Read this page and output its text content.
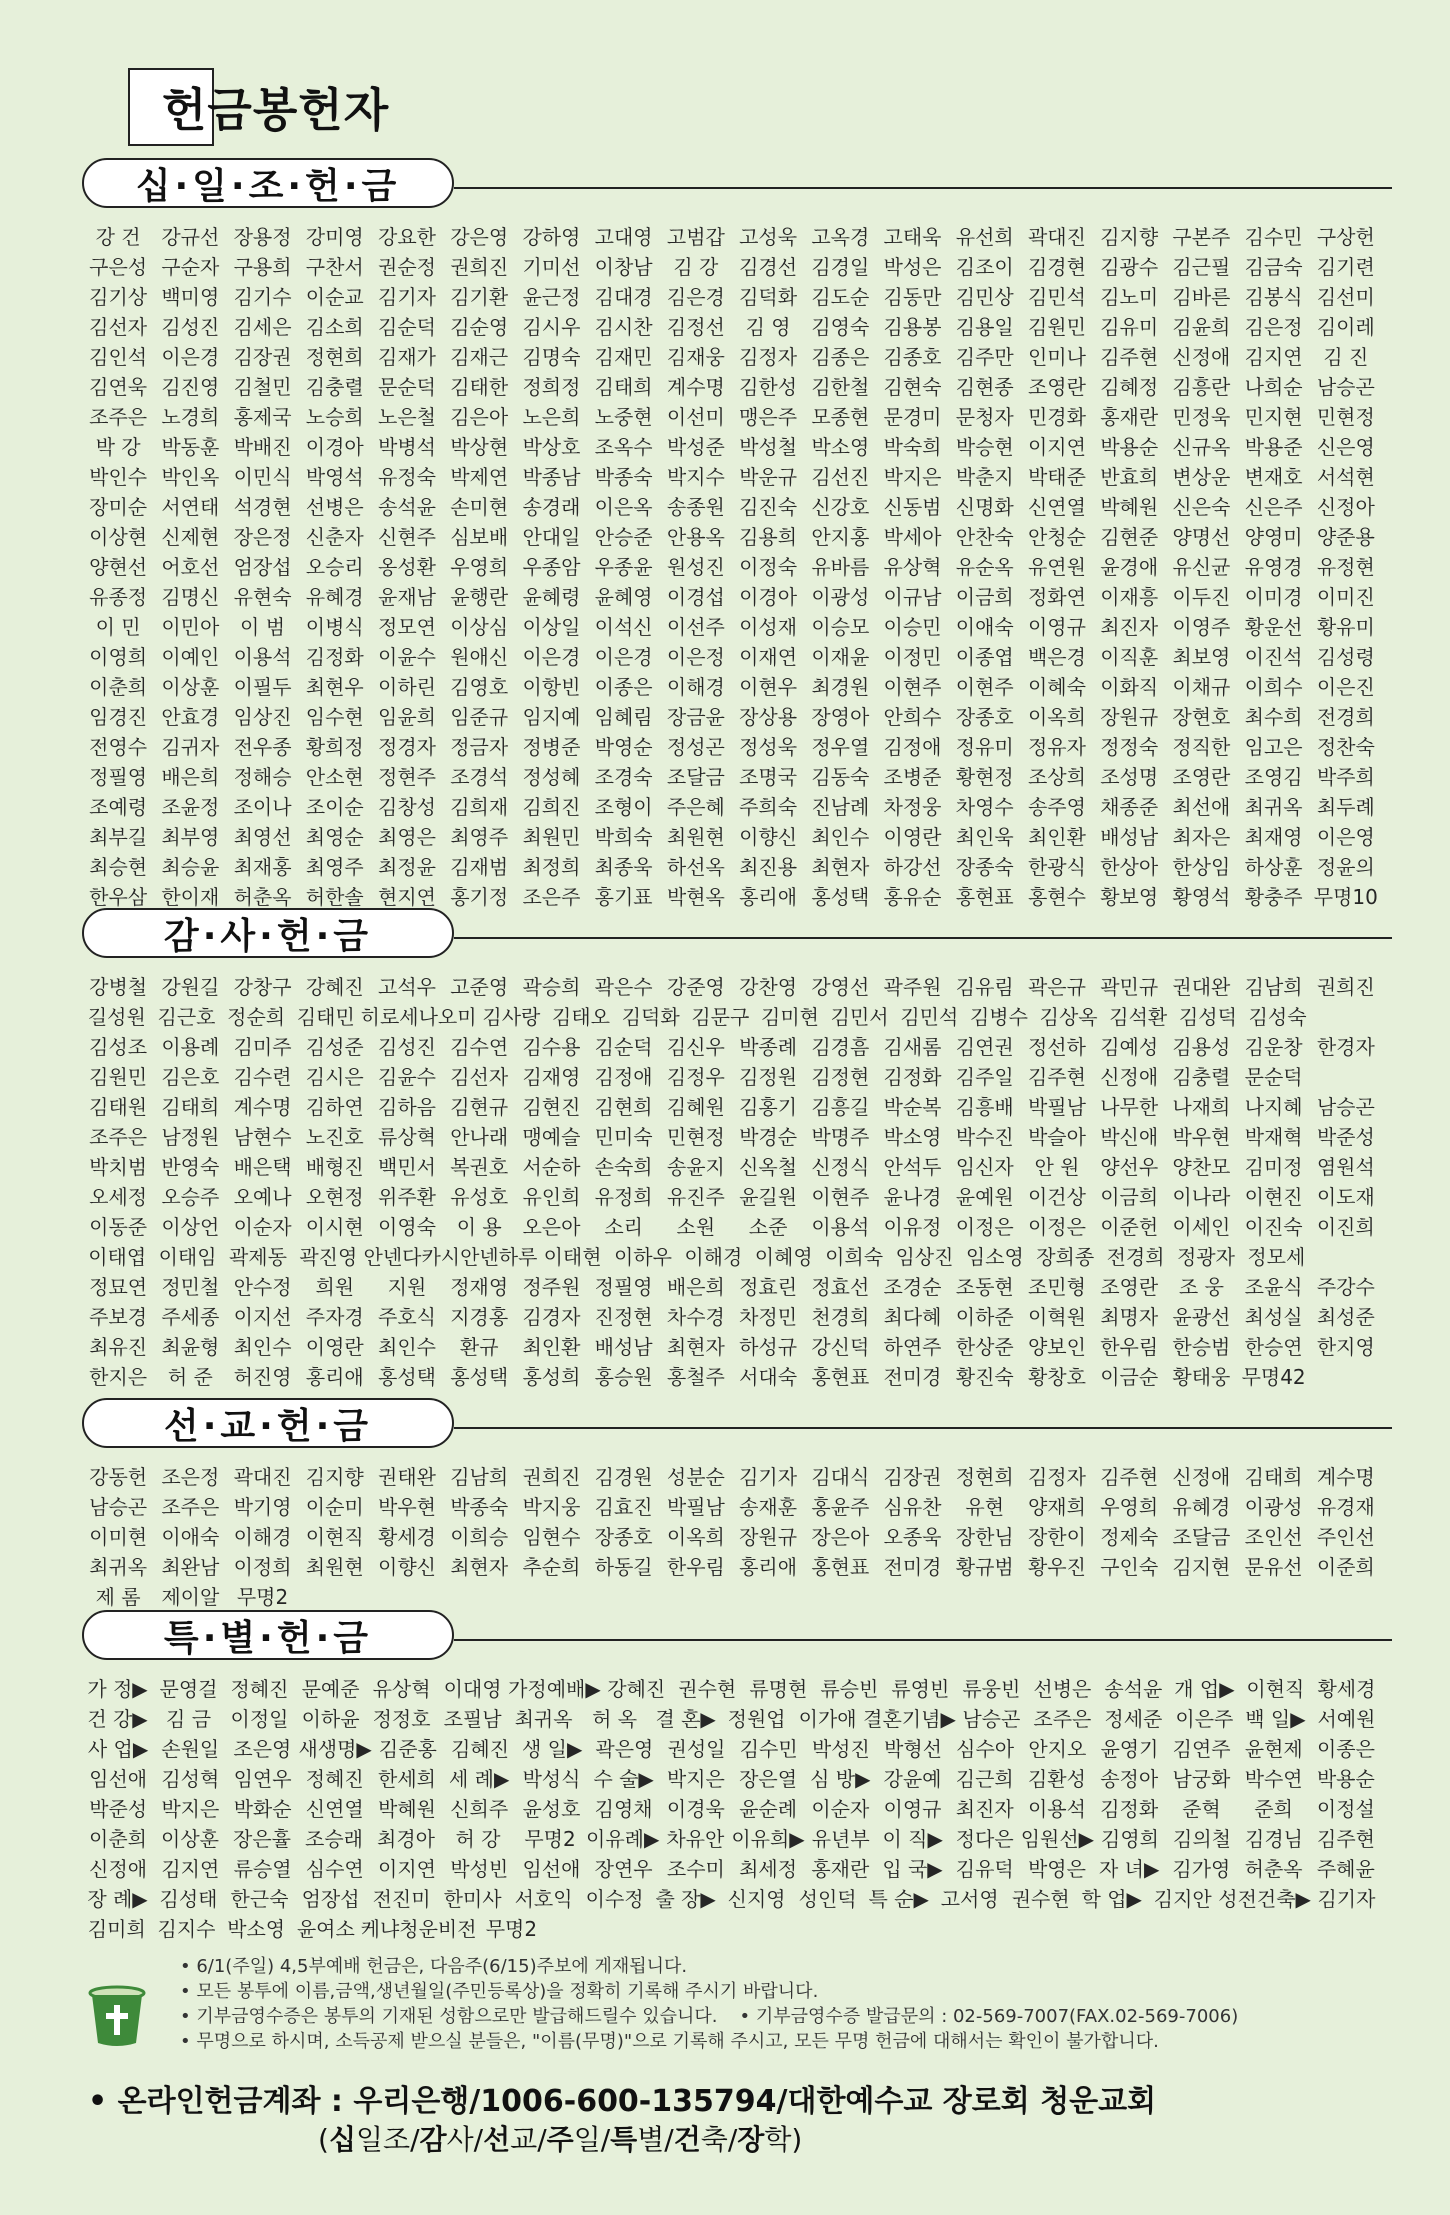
헌금봉헌자
십·일·조·헌·금
강 건	강규선 장용정 강미영 강요한 강은영 강하영 고대영 고범갑 고성욱 고옥경 고태욱 유선희 곽대진 김지향 구본주 김수민 구상헌
구은성 구순자 구용희 구찬서 권순정 권희진 기미선 이창남	김 강	김경선 김경일 박성은 김조이 김경현 김광수 김근필 김금숙 김기련
김기상 백미영 김기수 이순교 김기자 김기환 윤근정 김대경 김은경 김덕화 김도순 김동만 김민상 김민석 김노미 김바른 김봉식 김선미
김선자 김성진 김세은 김소희 김순덕 김순영 김시우 김시찬 김정선	김 영	김영숙 김용봉 김용일 김원민 김유미 김윤희 김은정 김이레
김인석 이은경 김장권 정현희 김재가 김재근 김명숙 김재민 김재웅 김정자 김종은 김종호 김주만 인미나 김주현 신정애 김지연	김 진
김연욱 김진영 김철민 김충렬 문순덕 김태한 정희정 김태희 계수명 김한성 김한철 김현숙 김현종 조영란 김혜정 김흥란 나희순 남승곤
조주은 노경희 홍제국 노승희 노은철 김은아 노은희 노중현 이선미 맹은주 모종현 문경미 문청자 민경화 홍재란 민정욱 민지현 민현정
박 강	박동훈 박배진 이경아 박병석 박상현 박상호 조옥수 박성준 박성철 박소영 박숙희 박승현 이지연 박용순 신규옥 박용준 신은영
박인수 박인옥 이민식 박영석 유정숙 박제연 박종남 박종숙 박지수 박운규 김선진 박지은 박춘지 박태준 반효희 변상운 변재호 서석현
장미순 서연태 석경현 선병은 송석윤 손미현 송경래 이은옥 송종원 김진숙 신강호 신동범 신명화 신연열 박혜원 신은숙 신은주 신정아
이상현 신제현 장은정 신춘자 신현주 심보배 안대일 안승준 안용옥 김용희 안지홍 박세아 안찬숙 안청순 김현준 양명선 양영미 양준용
양현선 어호선 엄장섭 오승리 옹성환 우영희 우종암 우종윤 원성진 이정숙 유바름 유상혁 유순옥 유연원 윤경애 유신균 유영경 유정현
유종정 김명신 유현숙 유혜경 윤재남 윤행란 윤혜령 윤혜영 이경섭 이경아 이광성 이규남 이금희 정화연 이재흥 이두진 이미경 이미진
이 민	이민아	이 범	이병식 정모연 이상심 이상일 이석신 이선주 이성재 이승모 이승민 이애숙 이영규 최진자 이영주 황운선 황유미
이영희 이예인 이용석 김정화 이윤수 원애신 이은경 이은경 이은정 이재연 이재윤 이정민 이종엽 백은경 이직훈 최보영 이진석 김성령
이춘희 이상훈 이필두 최현우 이하린 김영호 이항빈 이종은 이해경 이현우 최경원 이현주 이현주 이혜숙 이화직 이채규 이희수 이은진
임경진 안효경 임상진 임수현 임윤희 임준규 임지예 임혜림 장금윤 장상용 장영아 안희수 장종호 이옥희 장원규 장현호 최수희 전경희
전영수 김귀자 전우종 황희정 정경자 정금자 정병준 박영순 정성곤 정성욱 정우열 김정애 정유미 정유자 정정숙 정직한 임고은 정찬숙
정필영 배은희 정해승 안소현 정현주 조경석 정성혜 조경숙 조달금 조명국 김동숙 조병준 황현정 조상희 조성명 조영란 조영김 박주희
조예령 조윤정 조이나 조이순 김창성 김희재 김희진 조형이 주은혜 주희숙 진남례 차정웅 차영수 송주영 채종준 최선애 최귀옥 최두례
최부길 최부영 최영선 최영순 최영은 최영주 최원민 박희숙 최원현 이향신 최인수 이영란 최인욱 최인환 배성남 최자은 최재영 이은영
최승현 최승윤 최재홍 최영주 최정윤 김재범 최정희 최종욱 하선옥 최진용 최현자 하강선 장종숙 한광식 한상아 한상임 하상훈 정윤의
한우삼 한이재 허춘옥 허한솔 현지연 홍기정 조은주 홍기표 박현옥 홍리애 홍성택 홍유순 홍현표 홍현수 황보영 황영석 황충주 무명10
감·사·헌·금
강병철 강원길 강창구 강혜진 고석우 고준영 곽승희 곽은수 강준영 강찬영 강영선 곽주원 김유림 곽은규 곽민규 권대완 김남희 권희진
길성원 김근호 정순희 김태민 히로세나오미 김사랑 김태오 김덕화 김문구 김미현 김민서 김민석 김병수 김상옥 김석환 김성덕 김성숙
김성조 이용례 김미주 김성준 김성진 김수연 김수용 김순덕 김신우 박종례 김경흠 김새롬 김연권 정선하 김예성 김용성 김운창 한경자
김원민 김은호 김수련 김시은 김윤수 김선자 김재영 김정애 김정우 김정원 김정현 김정화 김주일 김주현 신정애 김충렬 문순덕
김태원 김태희 계수명 김하연 김하음 김현규 김현진 김현희 김혜원 김홍기 김흥길 박순복 김흥배 박필남 나무한 나재희 나지혜 남승곤
조주은 남정원 남현수 노진호 류상혁 안나래 맹예슬 민미숙 민현정 박경순 박명주 박소영 박수진 박슬아 박신애 박우현 박재혁 박준성
박치범 반영숙 배은택 배형진 백민서 복권호 서순하 손숙희 송윤지 신옥철 신정식 안석두 임신자	안 원	양선우 양찬모 김미정 염원석
오세정 오승주 오예나 오현정 위주환 유성호 유인희 유정희 유진주 윤길원 이현주 윤나경 윤예원 이건상 이금희 이나라 이현진 이도재
이동준 이상언 이순자 이시현 이영숙	이 용	오은아	소리	소원	소준	이용석 이유정 이정은 이정은 이준헌 이세인 이진숙 이진희
이태엽 이태임 곽제동 곽진영 안넨다카시 안넨하루 이태현 이하우 이해경 이혜영 이희숙 임상진 임소영 장희종 전경희 정광자 정모세
정묘연 정민철 안수정	희원	지원	정재영 정주원 정필영 배은희 정효린 정효선 조경순 조동현 조민형 조영란	조 웅	조윤식 주강수
주보경 주세종 이지선 주자경 주호식 지경홍 김경자 진정현 차수경 차정민 천경희 최다혜 이하준 이혁원 최명자 윤광선 최성실 최성준
최유진 최윤형 최인수 이영란 최인수	환규	최인환 배성남 최현자 하성규 강신덕 하연주 한상준 양보인 한우림 한승범 한승연 한지영
한지은	허 준	허진영 홍리애 홍성택 홍성택 홍성희 홍승원 홍철주 서대숙 홍현표 전미경 황진숙 황창호 이금순 황태웅 무명42
선·교·헌·금
강동헌 조은정 곽대진 김지향 권태완 김남희 권희진 김경원 성분순 김기자 김대식 김장권 정현희 김정자 김주현 신정애 김태희 계수명
남승곤 조주은 박기영 이순미 박우현 박종숙 박지웅 김효진 박필남 송재훈 홍윤주 심유찬	유현	양재희 우영희 유혜경 이광성 유경재
이미현 이애숙 이해경 이현직 황세경 이희승 임현수 장종호 이옥희 장원규 장은아 오종욱 장한님 장한이 정제숙 조달금 조인선 주인선
최귀옥 최완남 이정희 최원현 이향신 최현자 추순희 하동길 한우림 홍리애 홍현표 전미경 황규범 황우진 구인숙 김지현 문유선 이준희
제 롬	제이알 무명2
특·별·헌·금
가 정▶ 문영걸 정혜진 문예준 유상혁 이대영 가정예배▶ 강혜진 권수현 류명현 류승빈 류영빈 류웅빈 선병은 송석윤 개 업▶ 이현직 황세경
건 강▶ 김 금 이정일 이하윤 정정호 조필남 최귀옥 허 옥 결 혼▶ 정원업 이가애 결혼기념▶ 남승곤 조주은 정세준 이은주 백 일▶ 서예원
사 업▶ 손원일 조은영 새생명▶ 김준홍 김혜진 생 일▶ 곽은영 권성일 김수민 박성진 박형선 심수아 안지오 윤영기 김연주 윤현제 이종은
임선애 김성혁 임연우 정혜진 한세희 세 례▶ 박성식 수 술▶ 박지은 장은열 심 방▶ 강윤예 김근희 김환성 송정아 남궁화 박수연 박용순
박준성 박지은 박화순 신연열 박혜원 신희주 윤성호 김영채 이경욱 윤순례 이순자 이영규 최진자 이용석 김정화	준혁	준희	이정설
이춘희 이상훈 장은휼 조승래 최경아	허 강	무명2 이유례▶ 차유안 이유희▶ 유년부 이 직▶ 정다은 임원선▶ 김영희 김의철 김경님 김주현
신정애 김지연 류승열 심수연 이지연 박성빈 임선애 장연우 조수미 최세정 홍재란 입 국▶ 김유덕 박영은 자 녀▶ 김가영 허춘옥 주혜윤
장 례▶ 김성태 한근숙 엄장섭 전진미 한미사 서호익 이수정 출 장▶ 신지영 성인덕 특 순▶ 고서영 권수현 학 업▶ 김지안 성전건축▶ 김기자
김미희 김지수 박소영 윤여소 케냐청운비전 무명2
• 6/1(주일) 4,5부예배 헌금은, 다음주(6/15)주보에 게재됩니다.
• 모든 봉투에 이름,금액,생년월일(주민등록상)을 정확히 기록해 주시기 바랍니다.
• 기부금영수증은 봉투의 기재된 성함으로만 발급해드릴수 있습니다. • 기부금영수증 발급문의 : 02-569-7007(FAX.02-569-7006)
• 무명으로 하시며, 소득공제 받으실 분들은, "이름(무명)"으로 기록해 주시고, 모든 무명 헌금에 대해서는 확인이 불가합니다.
• 온라인헌금계좌 : 우리은행/1006-600-135794/대한예수교 장로회 청운교회
(십일조/감사/선교/주일/특별/건축/장학)
